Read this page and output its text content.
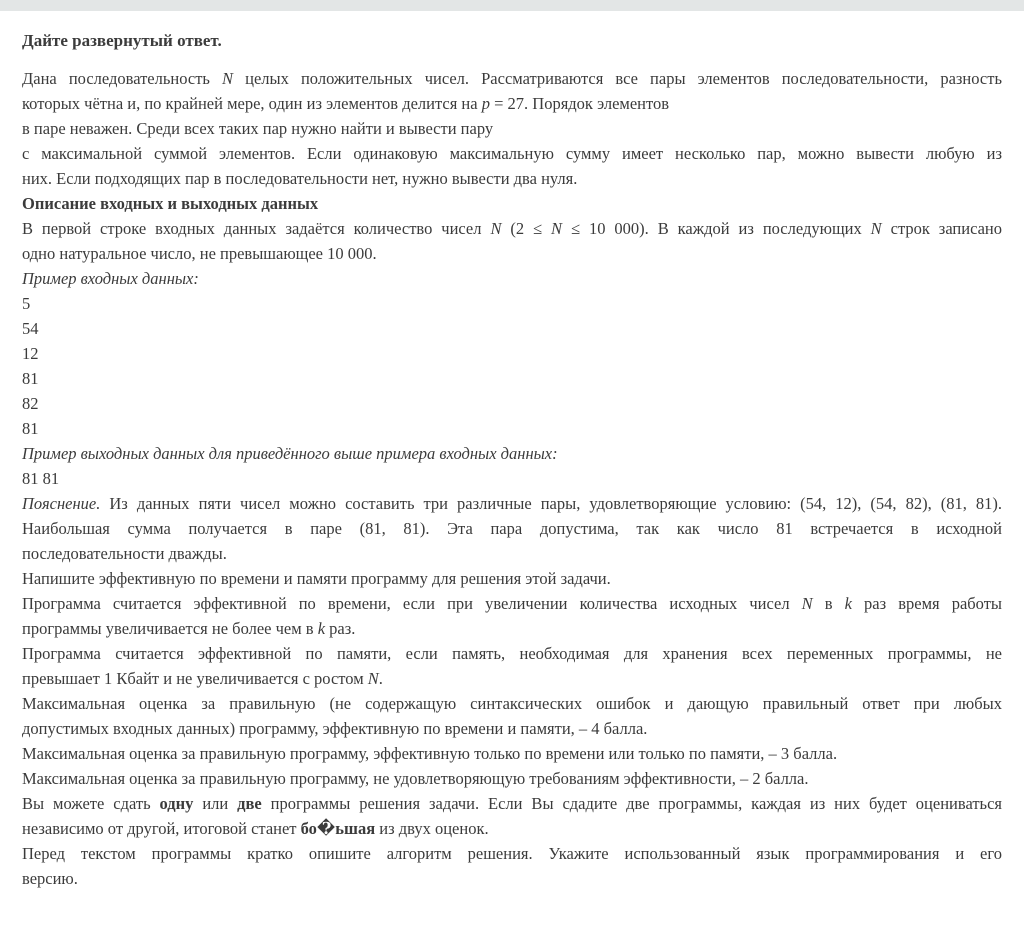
Дайте развернутый ответ.
Дана последовательность N целых положительных чисел. Рассматриваются все пары элементов последовательности, разность
которых чётна и, по крайней мере, один из элементов делится на p = 27. Порядок элементов
в паре неважен. Среди всех таких пар нужно найти и вывести пару
с максимальной суммой элементов. Если одинаковую максимальную сумму имеет несколько пар, можно вывести любую из
них. Если подходящих пар в последовательности нет, нужно вывести два нуля.
Описание входных и выходных данных
В первой строке входных данных задаётся количество чисел N (2 ≤ N ≤ 10 000). В каждой из последующих N строк записано
одно натуральное число, не превышающее 10 000.
Пример входных данных:
5
54
12
81
82
81
Пример выходных данных для приведённого выше примера входных данных:
81 81
Пояснение. Из данных пяти чисел можно составить три различные пары, удовлетворяющие условию: (54, 12), (54, 82), (81, 81).
Наибольшая сумма получается в паре (81, 81). Эта пара допустима, так как число 81 встречается в исходной
последовательности дважды.
Напишите эффективную по времени и памяти программу для решения этой задачи.
Программа считается эффективной по времени, если при увеличении количества исходных чисел N в k раз время работы
программы увеличивается не более чем в k раз.
Программа считается эффективной по памяти, если память, необходимая для хранения всех переменных программы, не
превышает 1 Кбайт и не увеличивается с ростом N.
Максимальная оценка за правильную (не содержащую синтаксических ошибок и дающую правильный ответ при любых
допустимых входных данных) программу, эффективную по времени и памяти, – 4 балла.
Максимальная оценка за правильную программу, эффективную только по времени или только по памяти, – 3 балла.
Максимальная оценка за правильную программу, не удовлетворяющую требованиям эффективности, – 2 балла.
Вы можете сдать одну или две программы решения задачи. Если Вы сдадите две программы, каждая из них будет оцениваться
независимо от другой, итоговой станет бо�ьшая из двух оценок.
Перед текстом программы кратко опишите алгоритм решения. Укажите использованный язык программирования и его
версию.
